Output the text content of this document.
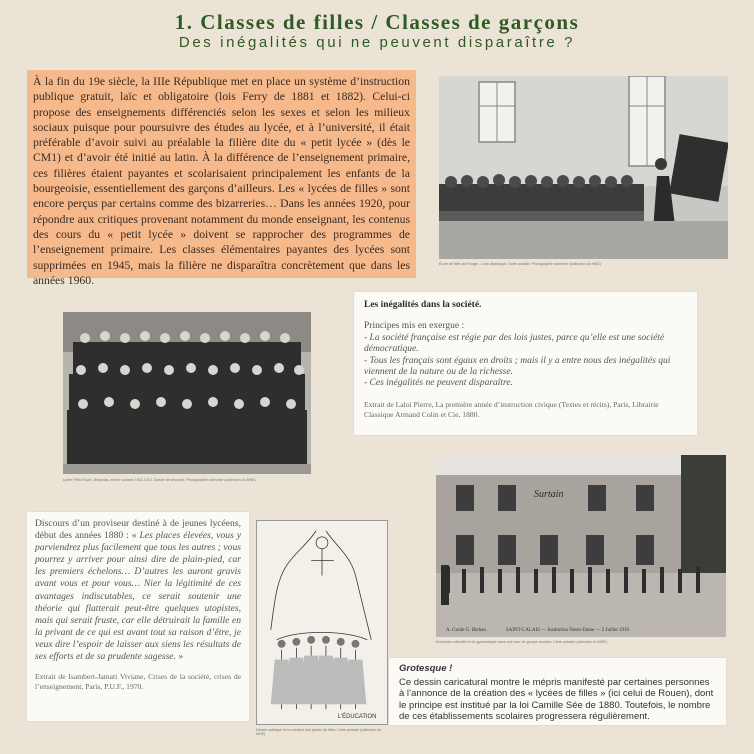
1. Classes de filles / Classes de garçons
Des inégalités qui ne peuvent disparaître ?
À la fin du 19e siècle, la IIIe République met en place un système d’instruction publique gratuit, laïc et obligatoire (lois Ferry de 1881 et 1882). Celui-ci propose des enseignements différenciés selon les sexes et selon les milieux sociaux puisque pour poursuivre des études au lycée, et à l’université, il était préférable d’avoir suivi au préalable la filière dite du « petit lycée » (dès le CM1) et d’avoir été initié au latin. À la différence de l’enseignement primaire, ces filières étaient payantes et scolarisaient principalement les enfants de la bourgeoisie, essentiellement des garçons d’ailleurs. Les « lycées de filles » sont encore perçus par certains comme des bizarreries… Dans les années 1920, pour répondre aux critiques provenant notamment du monde enseignant, les contenus des cours du « petit lycée » doivent se rapprocher des programmes de l’enseignement primaire. Les classes élémentaires payantes des lycées sont supprimées en 1945, mais la filière ne disparaîtra concrètement que dans les années 1960.
École de filles de Rouge - Loire-Atlantique. Carte postale. Photographie ancienne (collection du MNÉ).
Lycée Félix-Faure, Beauvais, année scolaire 1911-1912. Classe de seconde. Photographie collective (collection du MNÉ).
Les inégalités dans la société.
Principes mis en exergue :
- La société française est régie par des lois justes, parce qu’elle est une société démocratique.
- Tous les français sont égaux en droits ; mais il y a entre nous des inégalités qui viennent de la nature ou de la richesse.
- Ces inégalités ne peuvent disparaître.
Extrait de Laloi Pierre, La première année d’instruction civique (Textes et récits), Paris, Librairie Classique Armand Colin et Cie, 1880.
Surtain
A. Guide G. Blehan	SAINT-CALAIS — Institution Notre-Dame — 2 Juillet 1910
Exercices collectifs et de gymnastique dans une cour de groupe scolaire. Carte postale (collection du MNÉ).
Discours d’un proviseur destiné à de jeunes lycéens, début des années 1880 : « Les places élevées, vous y parviendrez plus facilement que tous les autres ; vous pourrez y arriver pour ainsi dire de plain-pied, car les premiers échelons… D’autres les auront gravis avant vous et pour vous… Nier la légitimité de ces avantages indiscutables, ce serait soutenir une théorie qui flatterait peut-être quelques utopistes, mais qui serait fruste, car elle détruirait la famille en la privant de ce qui est avant tout sa raison d’être, je veux dire l’espoir de laisser aux siens les résultats de ses efforts et de sa prudente sagesse. »
Extrait de Isambert-Jamati Viviane, Crises de la société, crises de l’enseignement, Paris, P.U.F., 1970.
L'ÉDUCATION
Dessin satirique de la création des lycées de filles. Carte postale (collection du MNÉ).
Grotesque !
Ce dessin caricatural montre le mépris manifesté par certaines personnes à l’annonce de la création des « lycées de filles » (ici celui de Rouen), dont le principe est institué par la loi Camille Sée de 1880. Toutefois, le nombre de ces établissements scolaires progressera régulièrement.
